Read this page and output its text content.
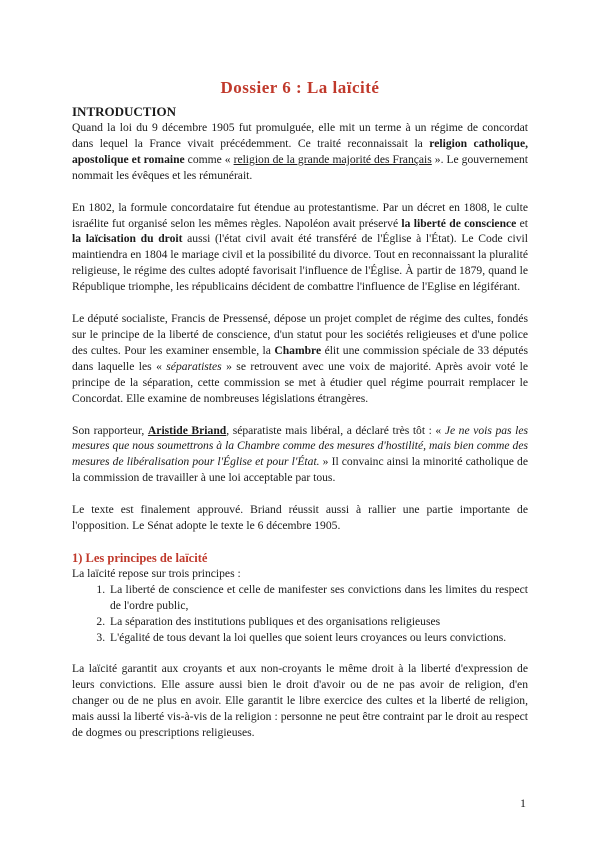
Dossier 6 : La laïcité
INTRODUCTION

Quand la loi du 9 décembre 1905 fut promulguée, elle mit un terme à un régime de concordat dans lequel la France vivait précédemment. Ce traité reconnaissait la religion catholique, apostolique et romaine comme « religion de la grande majorité des Français ». Le gouvernement nommait les évêques et les rémunérait.

En 1802, la formule concordataire fut étendue au protestantisme. Par un décret en 1808, le culte israélite fut organisé selon les mêmes règles. Napoléon avait préservé la liberté de conscience et la laïcisation du droit aussi (l'état civil avait été transféré de l'Église à l'État). Le Code civil maintiendra en 1804 le mariage civil et la possibilité du divorce. Tout en reconnaissant la pluralité religieuse, le régime des cultes adopté favorisait l'influence de l'Église. À partir de 1879, quand le République triomphe, les républicains décident de combattre l'influence de l'Eglise en légiférant.

Le député socialiste, Francis de Pressensé, dépose un projet complet de régime des cultes, fondés sur le principe de la liberté de conscience, d'un statut pour les sociétés religieuses et d'une police des cultes. Pour les examiner ensemble, la Chambre élit une commission spéciale de 33 députés dans laquelle les « séparatistes » se retrouvent avec une voix de majorité. Après avoir voté le principe de la séparation, cette commission se met à étudier quel régime pourrait remplacer le Concordat. Elle examine de nombreuses législations étrangères.

Son rapporteur, Aristide Briand, séparatiste mais libéral, a déclaré très tôt : « Je ne vois pas les mesures que nous soumettrons à la Chambre comme des mesures d'hostilité, mais bien comme des mesures de libéralisation pour l'Église et pour l'État. » Il convainc ainsi la minorité catholique de la commission de travailler à une loi acceptable par tous.

Le texte est finalement approuvé. Briand réussit aussi à rallier une partie importante de l'opposition. Le Sénat adopte le texte le 6 décembre 1905.

1) Les principes de laïcité

La laïcité repose sur trois principes :

1. La liberté de conscience et celle de manifester ses convictions dans les limites du respect de l'ordre public,
2. La séparation des institutions publiques et des organisations religieuses
3. L'égalité de tous devant la loi quelles que soient leurs croyances ou leurs convictions.

La laïcité garantit aux croyants et aux non-croyants le même droit à la liberté d'expression de leurs convictions. Elle assure aussi bien le droit d'avoir ou de ne pas avoir de religion, d'en changer ou de ne plus en avoir. Elle garantit le libre exercice des cultes et la liberté de religion, mais aussi la liberté vis-à-vis de la religion : personne ne peut être contraint par le droit au respect de dogmes ou prescriptions religieuses.

1
